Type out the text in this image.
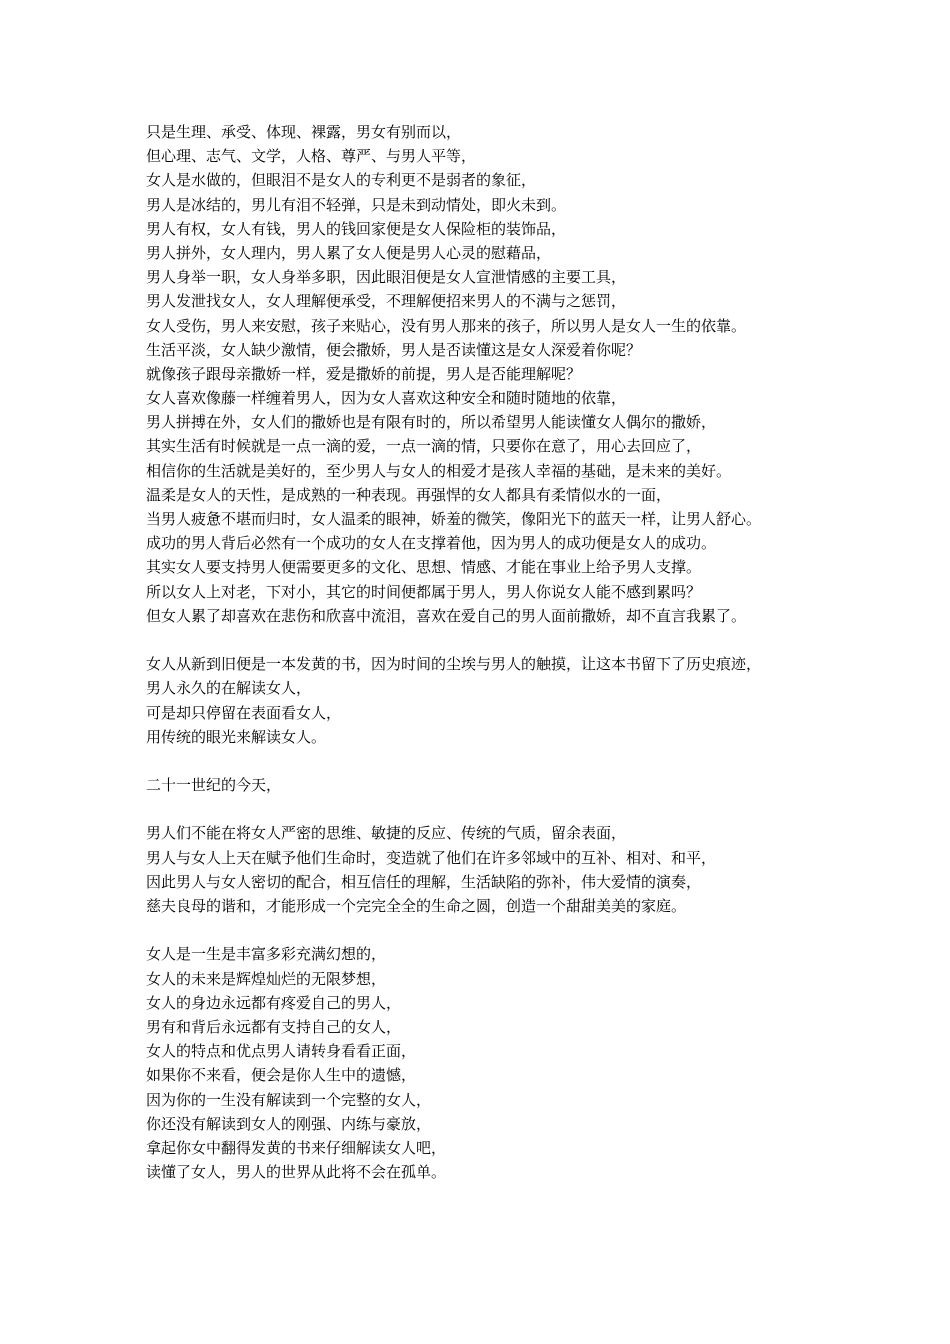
只是生理、承受、体现、裸露，男女有别而以，
但心理、志气、文学，人格、尊严、与男人平等，
女人是水做的，但眼泪不是女人的专利更不是弱者的象征，
男人是冰结的，男儿有泪不轻弹，只是未到动情处，即火未到。
男人有权，女人有钱，男人的钱回家便是女人保险柜的装饰品，
男人拼外，女人理内，男人累了女人便是男人心灵的慰藉品，
男人身举一职，女人身举多职，因此眼泪便是女人宣泄情感的主要工具，
男人发泄找女人，女人理解便承受，不理解便招来男人的不满与之惩罚，
女人受伤，男人来安慰，孩子来贴心，没有男人那来的孩子，所以男人是女人一生的依靠。
生活平淡，女人缺少激情，便会撒娇，男人是否读懂这是女人深爱着你呢？
就像孩子跟母亲撒娇一样，爱是撒娇的前提，男人是否能理解呢？
女人喜欢像藤一样缠着男人，因为女人喜欢这种安全和随时随地的依靠，
男人拼搏在外，女人们的撒娇也是有限有时的，所以希望男人能读懂女人偶尔的撒娇，
其实生活有时候就是一点一滴的爱，一点一滴的情，只要你在意了，用心去回应了，
相信你的生活就是美好的，至少男人与女人的相爱才是孩人幸福的基础，是未来的美好。
温柔是女人的天性，是成熟的一种表现。再强悍的女人都具有柔情似水的一面，
当男人疲惫不堪而归时，女人温柔的眼神，娇羞的微笑，像阳光下的蓝天一样，让男人舒心。
成功的男人背后必然有一个成功的女人在支撑着他，因为男人的成功便是女人的成功。
其实女人要支持男人便需要更多的文化、思想、情感、才能在事业上给予男人支撑。
所以女人上对老，下对小，其它的时间便都属于男人，男人你说女人能不感到累吗？
但女人累了却喜欢在悲伤和欣喜中流泪，喜欢在爱自己的男人面前撒娇，却不直言我累了。
女人从新到旧便是一本发黄的书，因为时间的尘埃与男人的触摸，让这本书留下了历史痕迹，
男人永久的在解读女人，
可是却只停留在表面看女人，
用传统的眼光来解读女人。
二十一世纪的今天，
男人们不能在将女人严密的思维、敏捷的反应、传统的气质，留余表面，
男人与女人上天在赋予他们生命时，变造就了他们在许多邻域中的互补、相对、和平，
因此男人与女人密切的配合，相互信任的理解，生活缺陷的弥补，伟大爱情的演奏，
慈夫良母的谐和，才能形成一个完完全全的生命之圆，创造一个甜甜美美的家庭。
女人是一生是丰富多彩充满幻想的，
女人的未来是辉煌灿烂的无限梦想，
女人的身边永远都有疼爱自己的男人，
男有和背后永远都有支持自己的女人，
女人的特点和优点男人请转身看看正面，
如果你不来看，便会是你人生中的遗憾，
因为你的一生没有解读到一个完整的女人，
你还没有解读到女人的刚强、内练与豪放，
拿起你女中翻得发黄的书来仔细解读女人吧，
读懂了女人，男人的世界从此将不会在孤单。
